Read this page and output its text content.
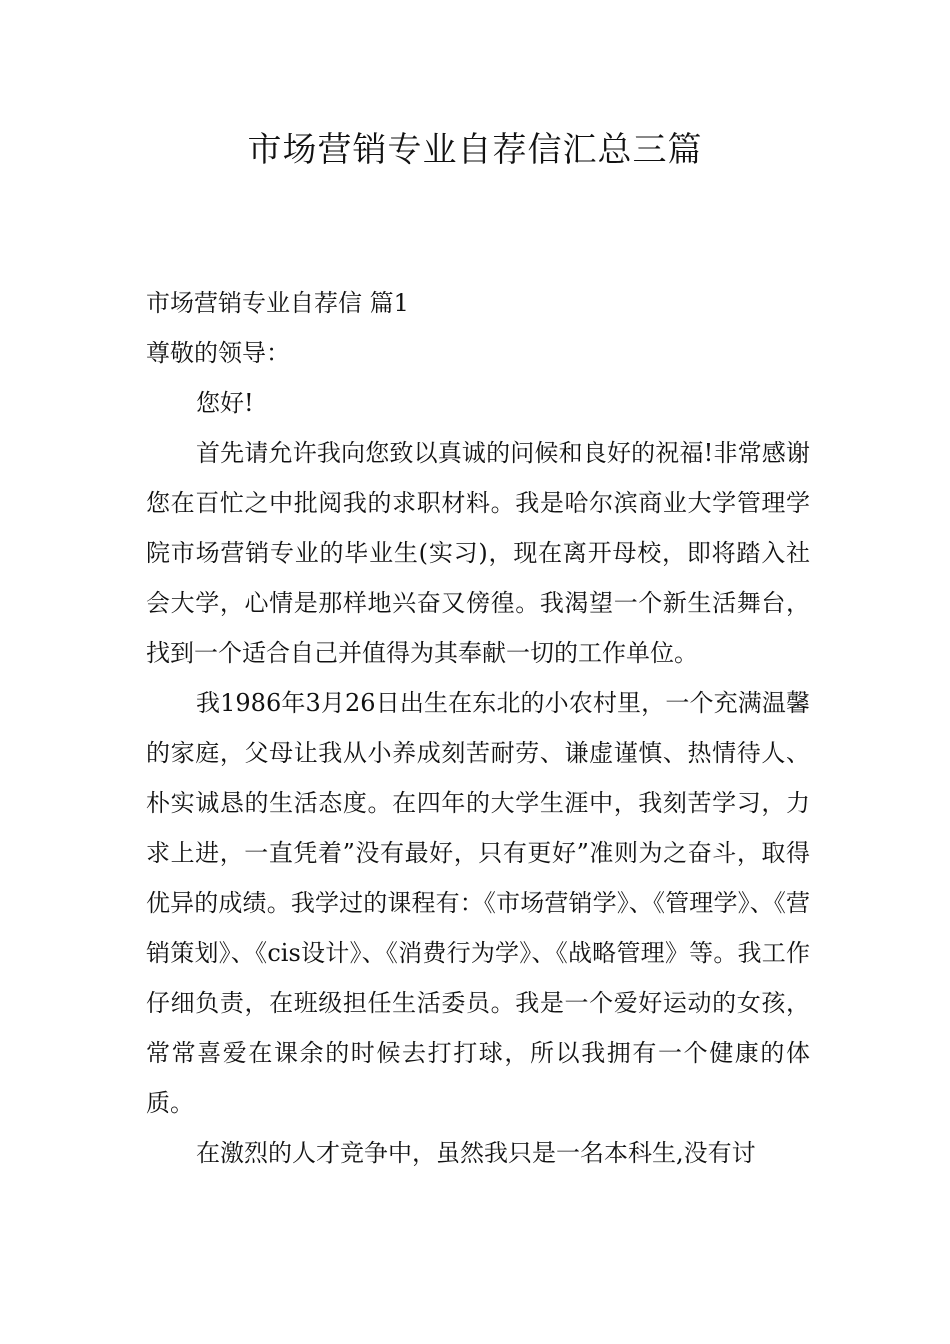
市场营销专业自荐信汇总三篇

市场营销专业自荐信 篇1

尊敬的领导：

您好!

首先请允许我向您致以真诚的问候和良好的祝福!非常感谢您在百忙之中批阅我的求职材料。我是哈尔滨商业大学管理学院市场营销专业的毕业生(实习)，现在离开母校，即将踏入社会大学，心情是那样地兴奋又傍徨。我渴望一个新生活舞台，找到一个适合自己并值得为其奉献一切的工作单位。

我1986年3月26日出生在东北的小农村里，一个充满温馨的家庭，父母让我从小养成刻苦耐劳、谦虚谨慎、热情待人、朴实诚恳的生活态度。在四年的大学生涯中，我刻苦学习，力求上进，一直凭着”没有最好，只有更好”准则为之奋斗，取得优异的成绩。我学过的课程有：《市场营销学》、《管理学》、《营销策划》、《cis设计》、《消费行为学》、《战略管理》等。我工作仔细负责，在班级担任生活委员。我是一个爱好运动的女孩，常常喜爱在课余的时候去打打球，所以我拥有一个健康的体质。

在激烈的人才竞争中，虽然我只是一名本科生,没有讨
